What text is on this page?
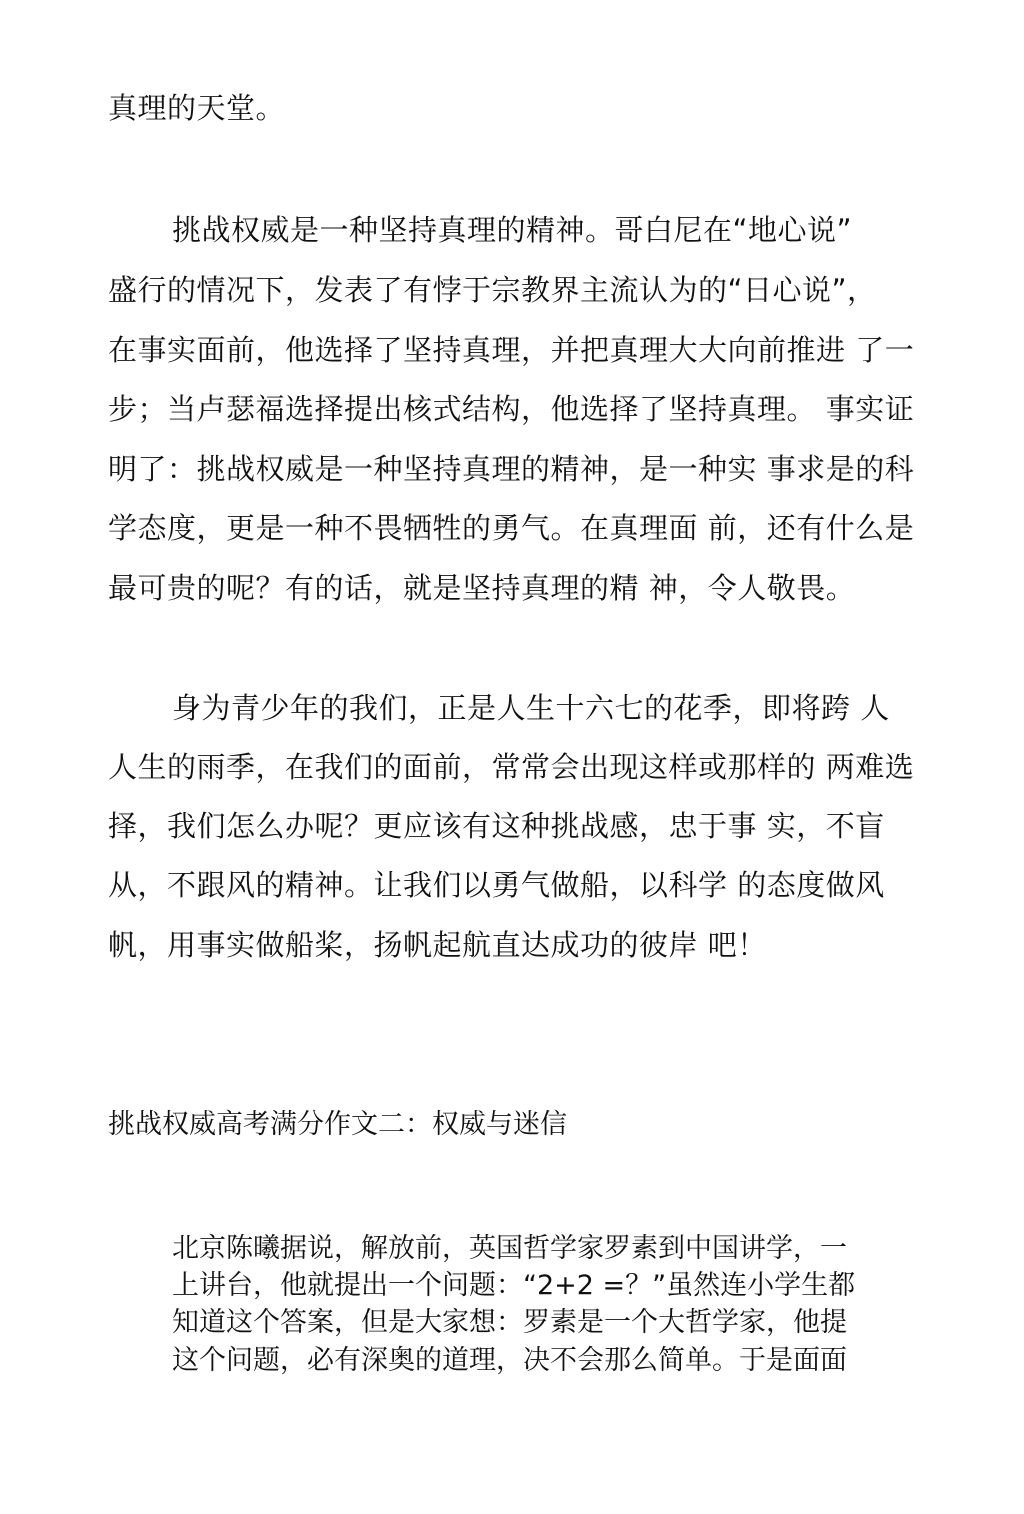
真理的天堂。
挑战权威是一种坚持真理的精神。哥白尼在“地心说”
盛行的情况下，发表了有悖于宗教界主流认为的“日心说”，
在事实面前，他选择了坚持真理，并把真理大大向前推进 了一
步；当卢瑟福选择提出核式结构，他选择了坚持真理。 事实证
明了：挑战权威是一种坚持真理的精神，是一种实 事求是的科
学态度，更是一种不畏牺牲的勇气。在真理面 前，还有什么是
最可贵的呢？有的话，就是坚持真理的精 神，令人敬畏。
身为青少年的我们，正是人生十六七的花季，即将跨 人
人生的雨季，在我们的面前，常常会出现这样或那样的 两难选
择，我们怎么办呢？更应该有这种挑战感，忠于事 实，不盲
从，不跟风的精神。让我们以勇气做船，以科学 的态度做风
帆，用事实做船桨，扬帆起航直达成功的彼岸 吧！
挑战权威高考满分作文二：权威与迷信
北京陈曦据说，解放前，英国哲学家罗素到中国讲学，一
上讲台，他就提出一个问题：“2+2 =？”虽然连小学生都
知道这个答案，但是大家想：罗素是一个大哲学家，他提
这个问题，必有深奥的道理，决不会那么简单。于是面面
